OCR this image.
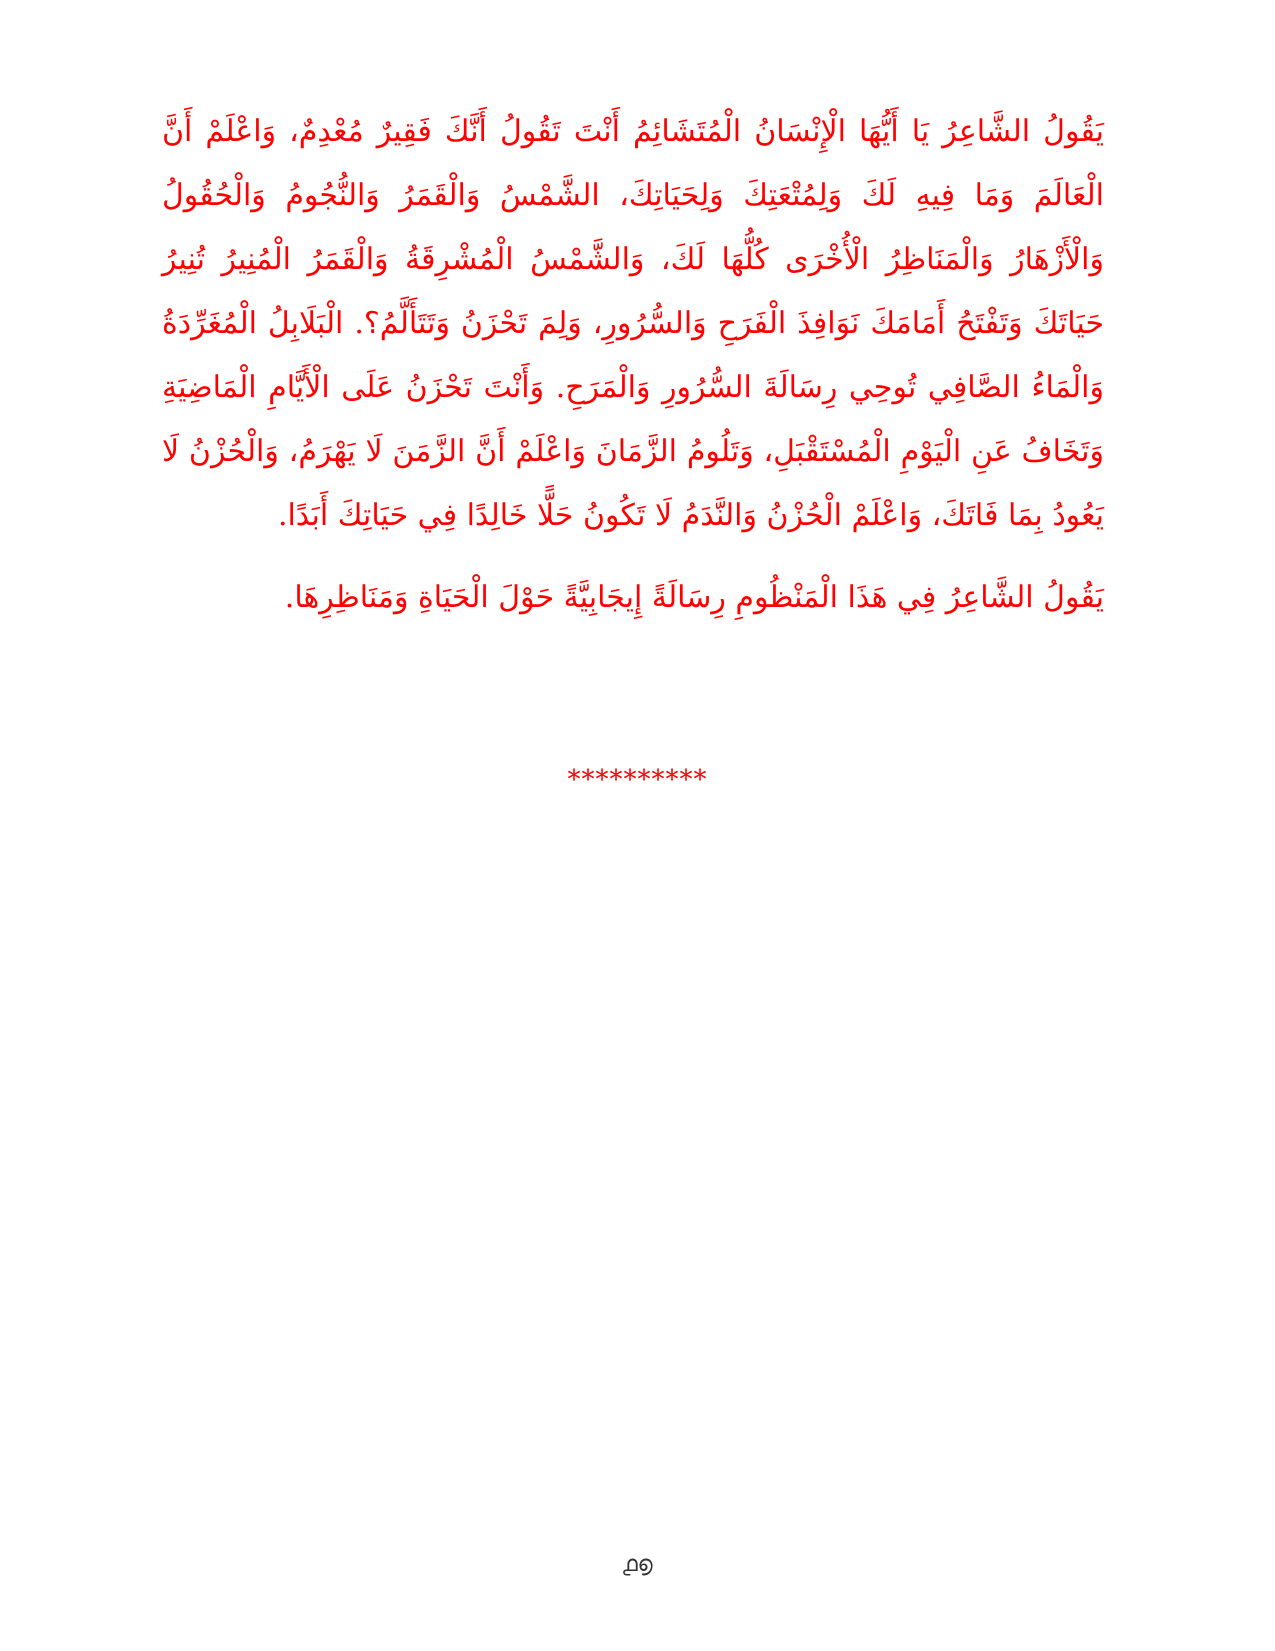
يَقُولُ الشَّاعِرُ يَا أَيُّهَا الْإِنْسَانُ الْمُتَشَائِمُ أَنْتَ تَقُولُ أَنَّكَ فَقِيرٌ مُعْدِمٌ، وَاعْلَمْ أَنَّ الْعَالَمَ وَمَا فِيهِ لَكَ وَلِمُتْعَتِكَ وَلِحَيَاتِكَ، الشَّمْسُ وَالْقَمَرُ وَالنُّجُومُ وَالْحُقُولُ وَالْأَزْهَارُ وَالْمَنَاظِرُ الْأُخْرَى كُلُّهَا لَكَ، وَالشَّمْسُ الْمُشْرِقَةُ وَالْقَمَرُ الْمُنِيرُ تُنِيرُ حَيَاتَكَ وَتَفْتَحُ أَمَامَكَ نَوَافِذَ الْفَرَحِ وَالسُّرُورِ، وَلِمَ تَحْزَنُ وَتَتَأَلَّمُ؟. الْبَلَابِلُ الْمُغَرِّدَةُ وَالْمَاءُ الصَّافِي تُوحِي رِسَالَةَ السُّرُورِ وَالْمَرَحِ. وَأَنْتَ تَحْزَنُ عَلَى الْأَيَّامِ الْمَاضِيَةِ وَتَخَافُ عَنِ الْيَوْمِ الْمُسْتَقْبَلِ، وَتَلُومُ الزَّمَانَ وَاعْلَمْ أَنَّ الزَّمَنَ لَا يَهْرَمُ، وَالْحُزْنُ لَا يَعُودُ بِمَا فَاتَكَ، وَاعْلَمْ الْحُزْنُ وَالنَّدَمُ لَا تَكُونُ حَلًّا خَالِدًا فِي حَيَاتِكَ أَبَدًا.

يَقُولُ الشَّاعِرُ فِي هَذَا الْمَنْظُومِ رِسَالَةً إِيجَابِيَّةً حَوْلَ الْحَيَاةِ وَمَنَاظِرِهَا.

**********
൧൭
